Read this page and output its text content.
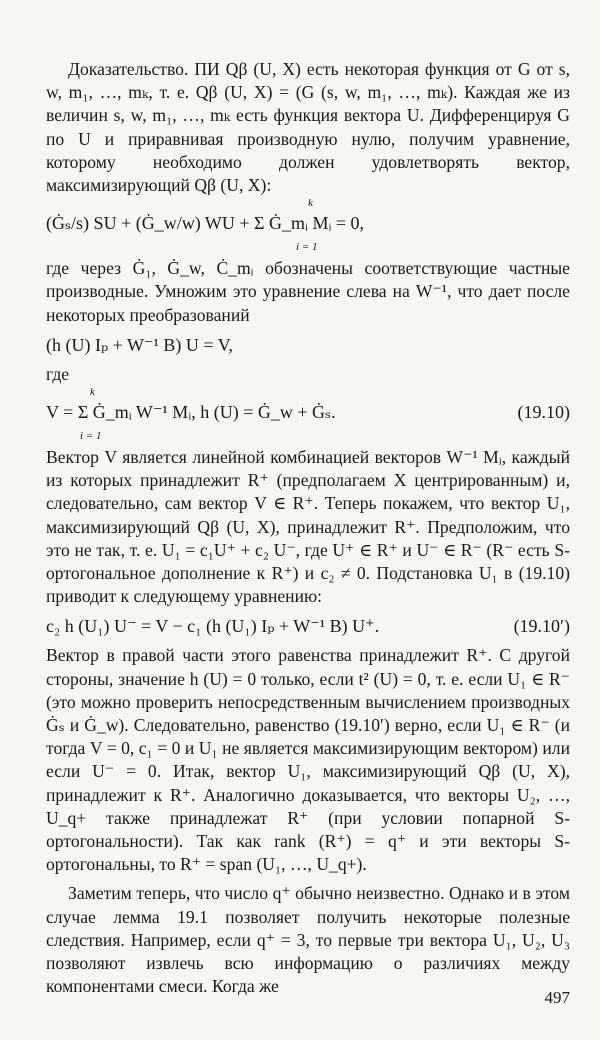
Доказательство. ПИ Qβ (U, X) есть некоторая функция от G от s, w, m₁, …, mₖ, т. е. Qβ (U, X) = (G (s, w, m₁, …, mₖ). Каждая же из величин s, w, m₁, …, mₖ есть функция вектора U. Дифференцируя G по U и приравнивая производную нулю, получим уравнение, которому необходимо должен удовлетворять вектор, максимизирующий Qβ (U, X):

(Ġₛ/s) SU + (Ġ_w/w) WU + Σ Ġ_mᵢ Mᵢ = 0,
k
i = 1

где через Ġ₁, Ġ_w, Ċ_mᵢ обозначены соответствующие частные производные. Умножим это уравнение слева на W⁻¹, что дает после некоторых преобразований

(h (U) Iₚ + W⁻¹ B) U = V,

где

V = Σ Ġ_mᵢ W⁻¹ Mᵢ, h (U) = Ġ_w + Ġₛ.
k
i = 1
(19.10)

Вектор V является линейной комбинацией векторов W⁻¹ Mᵢ, каждый из которых принадлежит R⁺ (предполагаем X центрированным) и, следовательно, сам вектор V ∈ R⁺. Теперь покажем, что вектор U₁, максимизирующий Qβ (U, X), принадлежит R⁺. Предположим, что это не так, т. е. U₁ = c₁U⁺ + c₂ U⁻, где U⁺ ∈ R⁺ и U⁻ ∈ R⁻ (R⁻ есть S-ортогональное дополнение к R⁺) и c₂ ≠ 0. Подстановка U₁ в (19.10) приводит к следующему уравнению:

c₂ h (U₁) U⁻ = V − c₁ (h (U₁) Iₚ + W⁻¹ B) U⁺.	(19.10′)

Вектор в правой части этого равенства принадлежит R⁺. С другой стороны, значение h (U) = 0 только, если t² (U) = 0, т. е. если U₁ ∈ R⁻ (это можно проверить непосредственным вычислением производных Ġₛ и Ġ_w). Следовательно, равенство (19.10′) верно, если U₁ ∈ R⁻ (и тогда V = 0, c₁ = 0 и U₁ не является максимизирующим вектором) или если U⁻ = 0. Итак, вектор U₁, максимизирующий Qβ (U, X), принадлежит к R⁺. Аналогично доказывается, что векторы U₂, …, U_q+ также принадлежат R⁺ (при условии попарной S-ортогональности). Так как rank (R⁺) = q⁺ и эти векторы S-ортогональны, то R⁺ = span (U₁, …, U_q+).

Заметим теперь, что число q⁺ обычно неизвестно. Однако и в этом случае лемма 19.1 позволяет получить некоторые полезные следствия. Например, если q⁺ = 3, то первые три вектора U₁, U₂, U₃ позволяют извлечь всю информацию о различиях между компонентами смеси. Когда же

497
